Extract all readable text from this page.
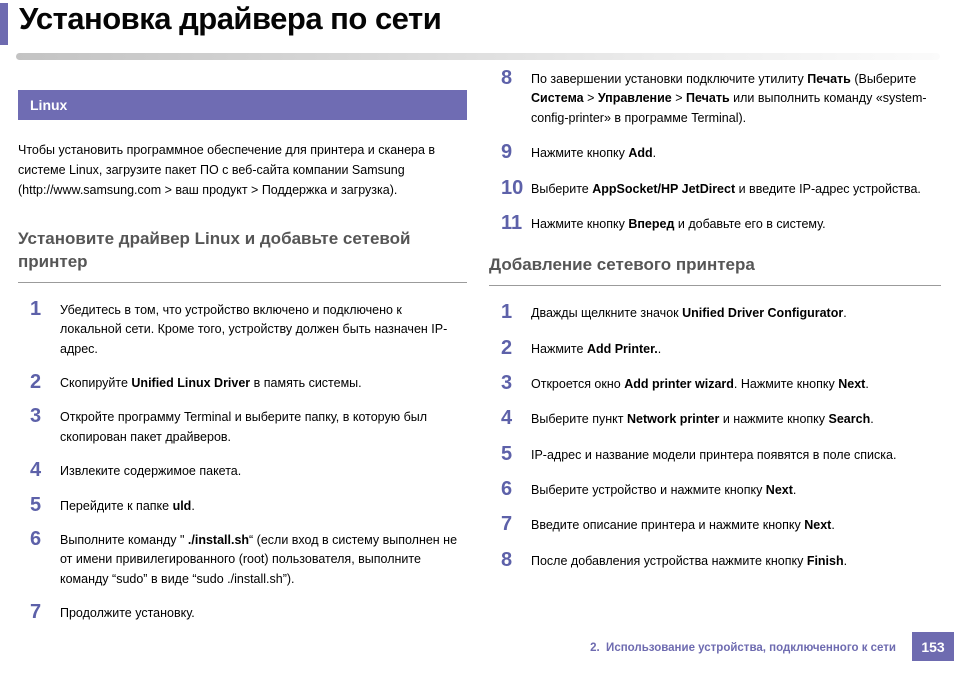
Установка драйвера по сети
Linux

Чтобы установить программное обеспечение для принтера и сканера в системе Linux, загрузите пакет ПО с веб-сайта компании Samsung (http://www.samsung.com > ваш продукт > Поддержка и загрузка).

Установите драйвер Linux и добавьте сетевой принтер
1	Убедитесь в том, что устройство включено и подключено к локальной сети. Кроме того, устройству должен быть назначен IP-адрес.
2	Скопируйте Unified Linux Driver в память системы.
3	Откройте программу Terminal и выберите папку, в которую был скопирован пакет драйверов.
4	Извлеките содержимое пакета.
5	Перейдите к папке uld.
6	Выполните команду " ./install.sh“ (если вход в систему выполнен не от имени привилегированного (root) пользователя, выполните команду “sudo” в виде “sudo ./install.sh”).
7	Продолжите установку.
8	По завершении установки подключите утилиту Печать (Выберите Система > Управление > Печать или выполнить команду «system-config-printer» в программе Terminal).
9	Нажмите кнопку Add.
10 Выберите AppSocket/HP JetDirect и введите IP-адрес устройства.
11 Нажмите кнопку Вперед и добавьте его в систему.
Добавление сетевого принтера
1	Дважды щелкните значок Unified Driver Configurator.
2	Нажмите Add Printer..
3	Откроется окно Add printer wizard. Нажмите кнопку Next.
4	Выберите пункт Network printer и нажмите кнопку Search.
5	IP-адрес и название модели принтера появятся в поле списка.
6	Выберите устройство и нажмите кнопку Next.
7	Введите описание принтера и нажмите кнопку Next.
8	После добавления устройства нажмите кнопку Finish.
2.  Использование устройства, подключенного к сети	153
